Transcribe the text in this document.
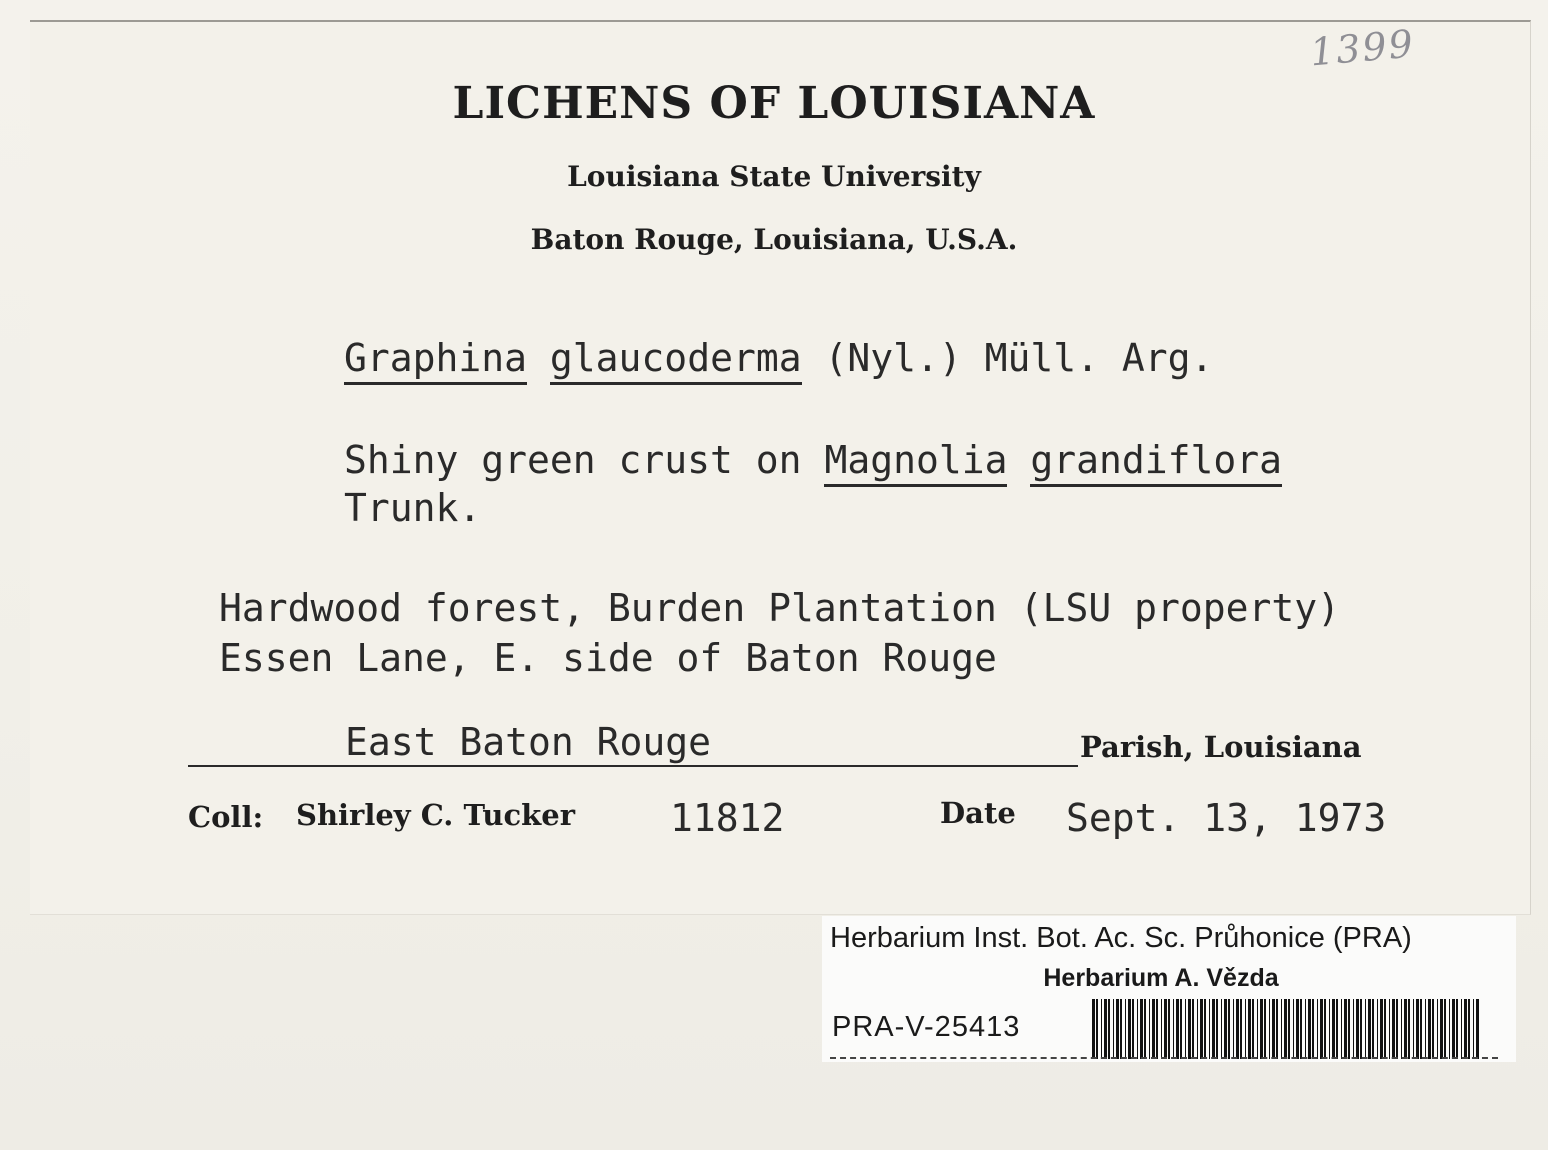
1399
LICHENS OF LOUISIANA
Louisiana State University
Baton Rouge, Louisiana, U.S.A.
Graphina glaucoderma (Nyl.) Müll. Arg.
Shiny green crust on Magnolia grandiflora
Trunk.
Hardwood forest, Burden Plantation (LSU property)
Essen Lane, E. side of Baton Rouge
East Baton Rouge	Parish, Louisiana
Coll: Shirley C. Tucker	11812	Date Sept. 13, 1973
Herbarium Inst. Bot. Ac. Sc. Průhonice (PRA)
Herbarium A. Vězda
PRA-V-25413
